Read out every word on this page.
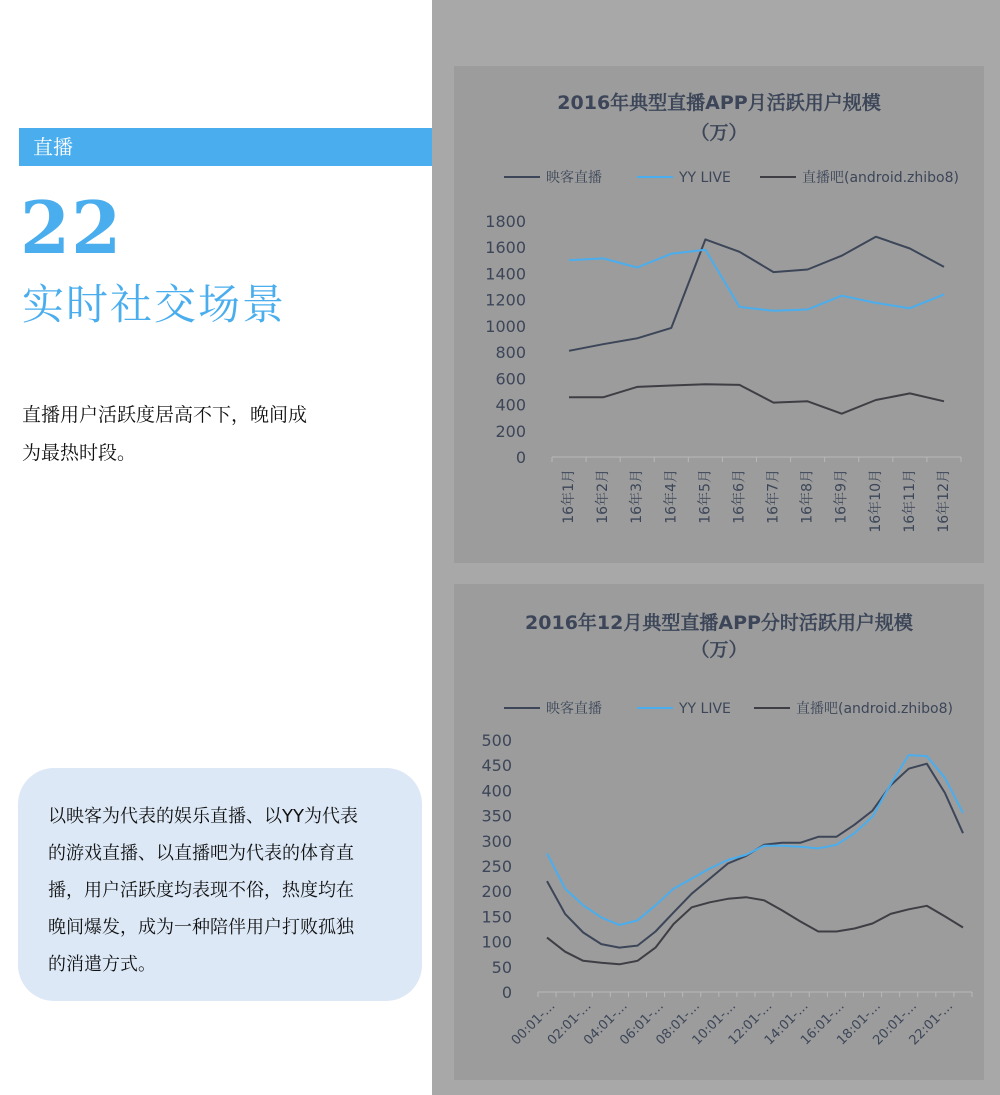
直播
22
实时社交场景
直播用户活跃度居高不下，晚间成
为最热时段。
以映客为代表的娱乐直播、以YY为代表
的游戏直播、以直播吧为代表的体育直
播，用户活跃度均表现不俗，热度均在
晚间爆发，成为一种陪伴用户打败孤独
的消遣方式。
2016年典型直播APP月活跃用户规模
（万）
映客直播	YY LIVE	直播吧(android.zhibo8)
0
200
400
600
800
1000
1200
1400
1600
1800
16年1月 16年2月 16年3月 16年4月 16年5月 16年6月 16年7月 16年8月 16年9月 16年10月 16年11月 16年12月
2016年12月典型直播APP分时活跃用户规模
（万）
映客直播	YY LIVE	直播吧(android.zhibo8)
0
50
100
150
200
250
300
350
400
450
500
00:01-…
02:01-…
04:01-…
06:01-…
08:01-…
10:01-…
12:01-…
14:01-…
16:01-…
18:01-…
20:01-…
22:01-…
